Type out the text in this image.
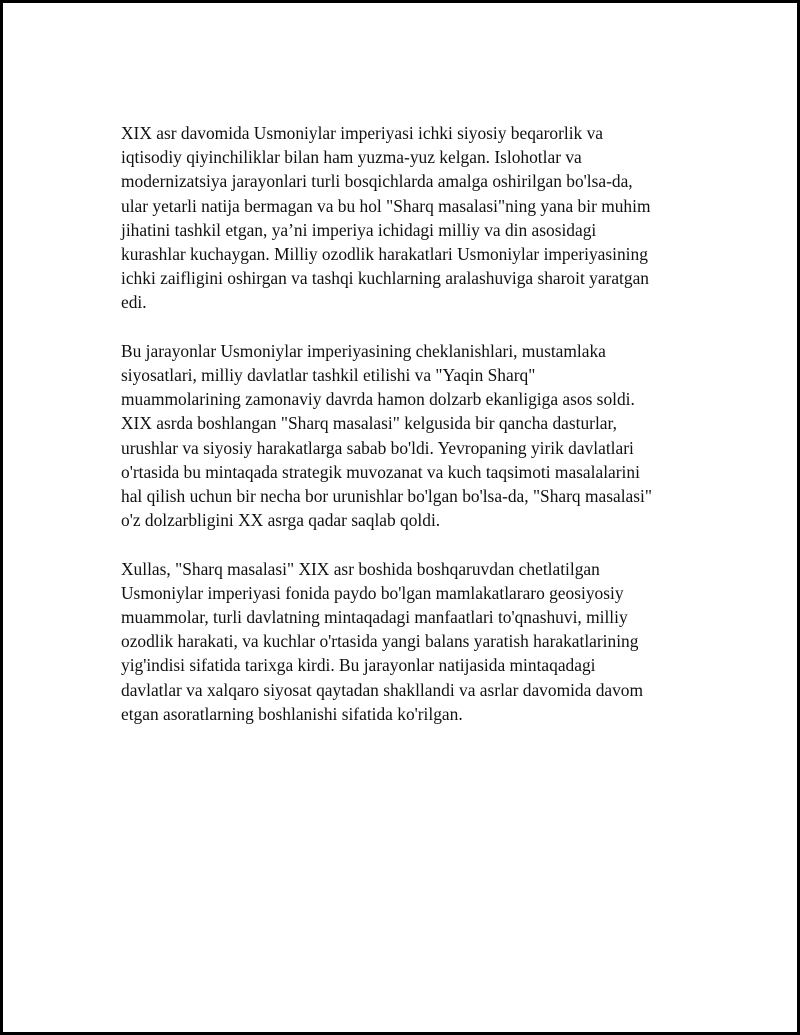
XIX asr davomida Usmoniylar imperiyasi ichki siyosiy beqarorlik va
iqtisodiy qiyinchiliklar bilan ham yuzma-yuz kelgan. Islohotlar va
modernizatsiya jarayonlari turli bosqichlarda amalga oshirilgan bo'lsa-da,
ular yetarli natija bermagan va bu hol "Sharq masalasi"ning yana bir muhim
jihatini tashkil etgan, ya’ni imperiya ichidagi milliy va din asosidagi
kurashlar kuchaygan. Milliy ozodlik harakatlari Usmoniylar imperiyasining
ichki zaifligini oshirgan va tashqi kuchlarning aralashuviga sharoit yaratgan
edi.

Bu jarayonlar Usmoniylar imperiyasining cheklanishlari, mustamlaka
siyosatlari, milliy davlatlar tashkil etilishi va "Yaqin Sharq"
muammolarining zamonaviy davrda hamon dolzarb ekanligiga asos soldi.
XIX asrda boshlangan "Sharq masalasi" kelgusida bir qancha dasturlar,
urushlar va siyosiy harakatlarga sabab bo'ldi. Yevropaning yirik davlatlari
o'rtasida bu mintaqada strategik muvozanat va kuch taqsimoti masalalarini
hal qilish uchun bir necha bor urunishlar bo'lgan bo'lsa-da, "Sharq masalasi"
o'z dolzarbligini XX asrga qadar saqlab qoldi.

Xullas, "Sharq masalasi" XIX asr boshida boshqaruvdan chetlatilgan
Usmoniylar imperiyasi fonida paydo bo'lgan mamlakatlararo geosiyosiy
muammolar, turli davlatning mintaqadagi manfaatlari to'qnashuvi, milliy
ozodlik harakati, va kuchlar o'rtasida yangi balans yaratish harakatlarining
yig'indisi sifatida tarixga kirdi. Bu jarayonlar natijasida mintaqadagi
davlatlar va xalqaro siyosat qaytadan shakllandi va asrlar davomida davom
etgan asoratlarning boshlanishi sifatida ko'rilgan.
